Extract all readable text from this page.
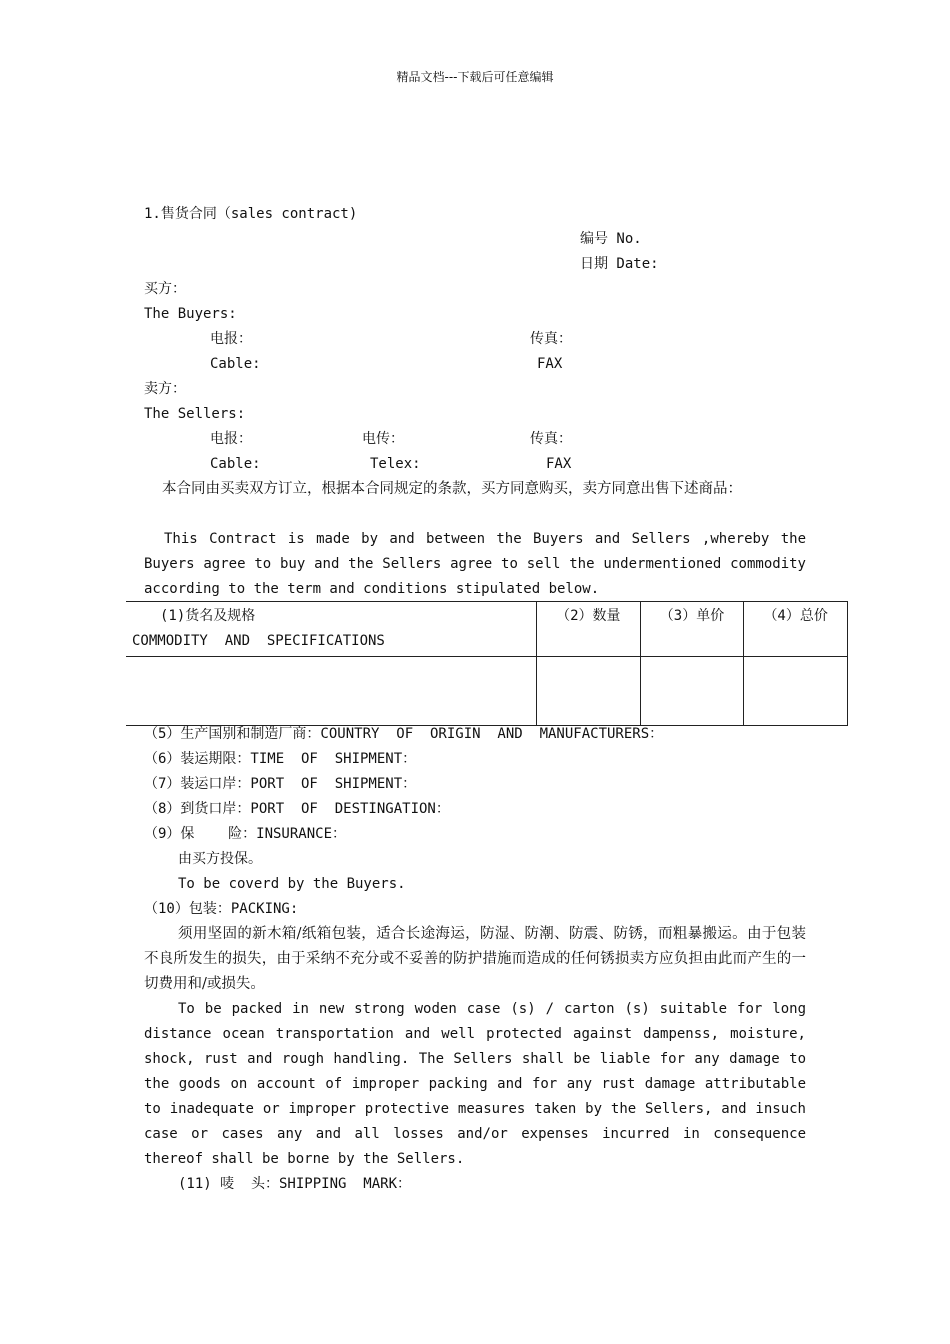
精品文档---下载后可任意编辑
1.售货合同（sales contract)
编号 No.
日期 Date:
买方：
The Buyers:
电报：	传真：
Cable:	FAX
卖方：
The Sellers:
电报：	电传：	传真：
Cable:	Telex:	FAX
本合同由买卖双方订立，根据本合同规定的条款，买方同意购买，卖方同意出售下述商品：
This Contract is made by and between the Buyers and Sellers ,whereby the Buyers agree to buy and the Sellers agree to sell the undermentioned commodity according to the term and conditions stipulated below.
(1)货名及规格
COMMODITY  AND  SPECIFICATIONS	（2）数量	（3）单价	（4）总价

（5）生产国别和制造厂商：COUNTRY  OF  ORIGIN  AND  MANUFACTURERS：
（6）装运期限：TIME  OF  SHIPMENT：
（7）装运口岸：PORT  OF  SHIPMENT：
（8）到货口岸：PORT  OF  DESTINGATION：
（9）保    险：INSURANCE：
由买方投保。
To be coverd by the Buyers.
（10）包装：PACKING:
须用坚固的新木箱/纸箱包装，适合长途海运，防湿、防潮、防震、防锈，而粗暴搬运。由于包装不良所发生的损失，由于采纳不充分或不妥善的防护措施而造成的任何锈损卖方应负担由此而产生的一切费用和/或损失。
To be packed in new strong woden case (s) / carton (s) suitable for long distance ocean transportation and well protected against dampenss, moisture, shock, rust and rough handling. The Sellers shall be liable for any damage to the goods on account of improper packing and for any rust damage attributable to inadequate or improper protective measures taken by the Sellers, and insuch case or cases any and all losses and/or expenses incurred in consequence thereof shall be borne by the Sellers.
(11) 唛  头：SHIPPING  MARK：
